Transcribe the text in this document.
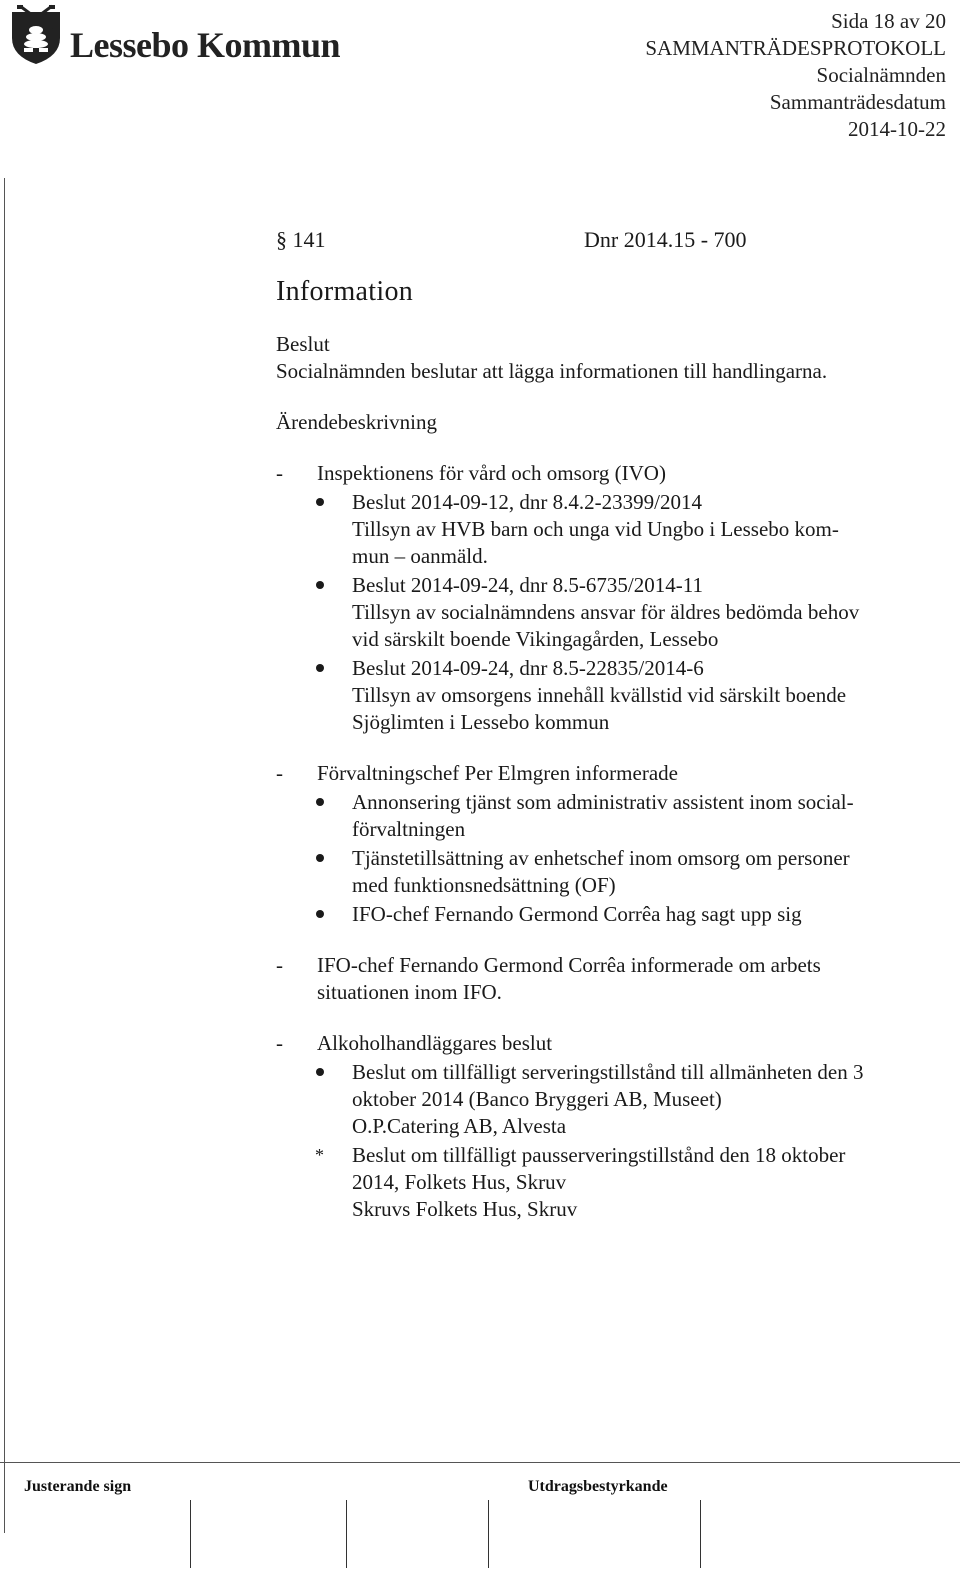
Lessebo Kommun
Sida 18 av 20
SAMMANTRÄDESPROTOKOLL
Socialnämnden
Sammanträdesdatum
2014-10-22
§ 141	Dnr 2014.15 - 700
Information
Beslut
Socialnämnden beslutar att lägga informationen till handlingarna.
Ärendebeskrivning
-	Inspektionens för vård och omsorg (IVO)
Beslut 2014-09-12, dnr 8.4.2-23399/2014
Tillsyn av HVB barn och unga vid Ungbo i Lessebo kom-
mun – oanmäld.
Beslut 2014-09-24, dnr 8.5-6735/2014-11
Tillsyn av socialnämndens ansvar för äldres bedömda behov
vid särskilt boende Vikingagården, Lessebo
Beslut 2014-09-24, dnr 8.5-22835/2014-6
Tillsyn av omsorgens innehåll kvällstid vid särskilt boende
Sjöglimten i Lessebo kommun
-	Förvaltningschef Per Elmgren informerade
Annonsering tjänst som administrativ assistent inom social-
förvaltningen
Tjänstetillsättning av enhetschef inom omsorg om personer
med funktionsnedsättning (OF)
IFO-chef Fernando Germond Corrêa hag sagt upp sig
-	IFO-chef Fernando Germond Corrêa informerade om arbets
situationen inom IFO.
-	Alkoholhandläggares beslut
Beslut om tillfälligt serveringstillstånd till allmänheten den 3
oktober 2014 (Banco Bryggeri AB, Museet)
O.P.Catering AB, Alvesta
* Beslut om tillfälligt pausserveringstillstånd den 18 oktober
2014, Folkets Hus, Skruv
Skruvs Folkets Hus, Skruv
Justerande sign	Utdragsbestyrkande
